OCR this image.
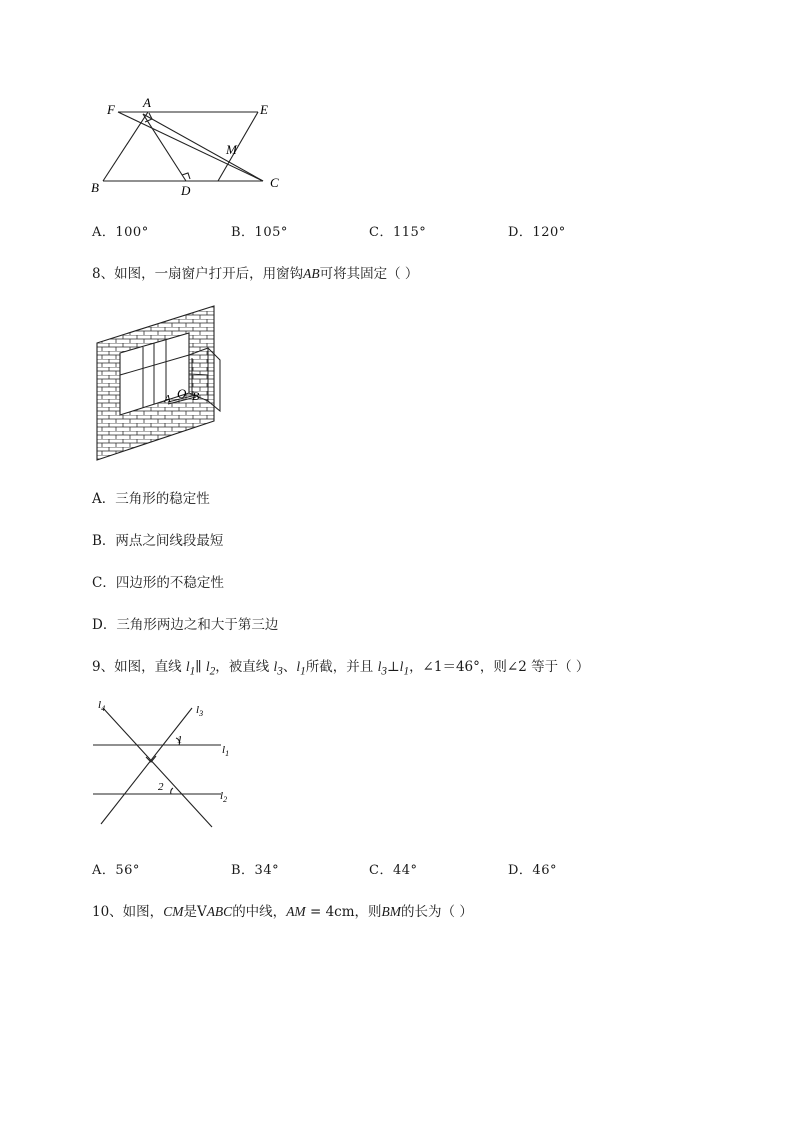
F A	E
M
B	D
C
A．100°	B．105°	C．115°	D．120°
8、如图，一扇窗户打开后，用窗钩AB可将其固定（ ）
A O B
A．三角形的稳定性
B．两点之间线段最短
C．四边形的不稳定性
D．三角形两边之和大于第三边
9、如图，直线 $l_1\parallel$ $l_2$，被直线 $l_3$、$l_1$所截，并且 $l_3\perp l_1$，∠1＝46°，则∠2 等于（ ）
$l_4$	$l_3$
$l_1$
$l_2$
1
2
A．56°	B．34°	C．44°	D．46°
10、如图，CM是VABC的中线，AM = 4cm，则BM的长为（ ）
